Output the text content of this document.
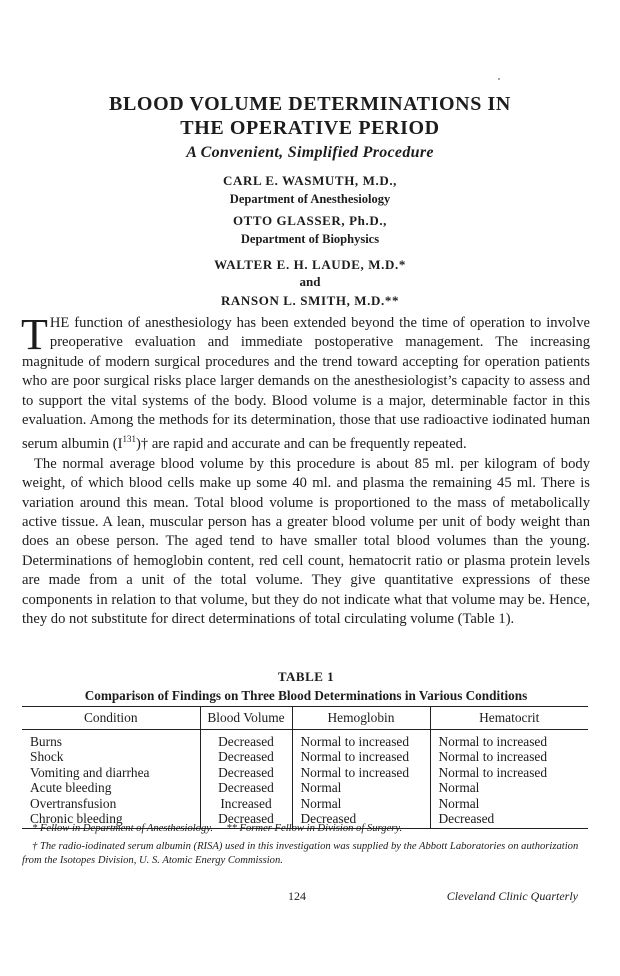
BLOOD VOLUME DETERMINATIONS IN
THE OPERATIVE PERIOD
A Convenient, Simplified Procedure
CARL E. WASMUTH, M.D.,
Department of Anesthesiology
OTTO GLASSER, Ph.D.,
Department of Biophysics
WALTER E. H. LAUDE, M.D.*
and
RANSON L. SMITH, M.D.**

THE function of anesthesiology has been extended beyond the time of operation to involve preoperative evaluation and immediate postoperative management. The increasing magnitude of modern surgical procedures and the trend toward accepting for operation patients who are poor surgical risks place larger demands on the anesthesiologist’s capacity to assess and to support the vital systems of the body. Blood volume is a major, determinable factor in this evaluation. Among the methods for its determination, those that use radioactive iodinated human serum albumin $(I^{131})\dagger$ are rapid and accurate and can be frequently repeated.

The normal average blood volume by this procedure is about 85 ml. per kilogram of body weight, of which blood cells make up some 40 ml. and plasma the remaining 45 ml. There is variation around this mean. Total blood volume is proportioned to the mass of metabolically active tissue. A lean, muscular person has a greater blood volume per unit of body weight than does an obese person. The aged tend to have smaller total blood volumes than the young. Determinations of hemoglobin content, red cell count, hematocrit ratio or plasma protein levels are made from a unit of the total volume. They give quantitative expressions of these components in relation to that volume, but they do not indicate what that volume may be. Hence, they do not substitute for direct determinations of total circulating volume (Table 1).

TABLE 1
Comparison of Findings on Three Blood Determinations in Various Conditions
Condition	Blood Volume	Hemoglobin	Hematocrit
Burns	Decreased	Normal to increased	Normal to increased
Shock	Decreased	Normal to increased	Normal to increased
Vomiting and diarrhea	Decreased	Normal to increased	Normal to increased
Acute bleeding	Decreased	Normal	Normal
Overtransfusion	Increased	Normal	Normal
Chronic bleeding	Decreased	Decreased	Decreased
* Fellow in Department of Anesthesiology.     ** Former Fellow in Division of Surgery.
† The radio-iodinated serum albumin (RISA) used in this investigation was supplied by the Abbott Laboratories on authorization from the Isotopes Division, U. S. Atomic Energy Commission.
124	Cleveland Clinic Quarterly
